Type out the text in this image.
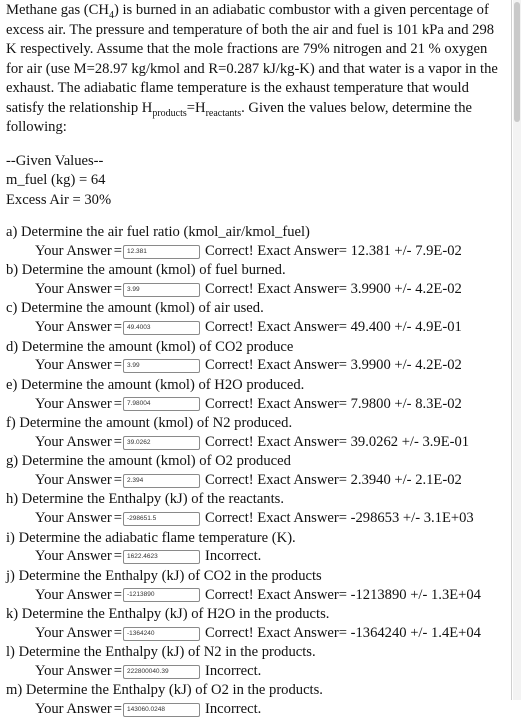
Methane gas $(CH_4)$ is burned in an adiabatic combustor with a given percentage of excess air. The pressure and temperature of both the air and fuel is 101 kPa and 298 K respectively. Assume that the mole fractions are 79% nitrogen and 21 % oxygen for air (use M=28.97 kg/kmol and R=0.287 kJ/kg-K) and that water is a vapor in the exhaust. The adiabatic flame temperature is the exhaust temperature that would satisfy the relationship $H_{products}=H_{reactants}$. Given the values below, determine the following:

--Given Values--
m_fuel (kg) = 64
Excess Air = 30%
a) Determine the air fuel ratio (kmol_air/kmol_fuel)
Your Answer = 12.381	Correct! Exact Answer= 12.381 +/- 7.9E-02
b) Determine the amount (kmol) of fuel burned.
Your Answer = 3.99	Correct! Exact Answer= 3.9900 +/- 4.2E-02
c) Determine the amount (kmol) of air used.
Your Answer = 49.4003	Correct! Exact Answer= 49.400 +/- 4.9E-01
d) Determine the amount (kmol) of CO2 produce
Your Answer = 3.99	Correct! Exact Answer= 3.9900 +/- 4.2E-02
e) Determine the amount (kmol) of H2O produced.
Your Answer = 7.98004	Correct! Exact Answer= 7.9800 +/- 8.3E-02
f) Determine the amount (kmol) of N2 produced.
Your Answer = 39.0262	Correct! Exact Answer= 39.0262 +/- 3.9E-01
g) Determine the amount (kmol) of O2 produced
Your Answer = 2.394	Correct! Exact Answer= 2.3940 +/- 2.1E-02
h) Determine the Enthalpy (kJ) of the reactants.
Your Answer = -298651.5	Correct! Exact Answer= -298653 +/- 3.1E+03
i) Determine the adiabatic flame temperature (K).
Your Answer = 1622.4623	Incorrect.
j) Determine the Enthalpy (kJ) of CO2 in the products
Your Answer = -1213890	Correct! Exact Answer= -1213890 +/- 1.3E+04
k) Determine the Enthalpy (kJ) of H2O in the products.
Your Answer = -1364240	Correct! Exact Answer= -1364240 +/- 1.4E+04
l) Determine the Enthalpy (kJ) of N2 in the products.
Your Answer = 222800040.39	Incorrect.
m) Determine the Enthalpy (kJ) of O2 in the products.
Your Answer = 143060.0248	Incorrect.
